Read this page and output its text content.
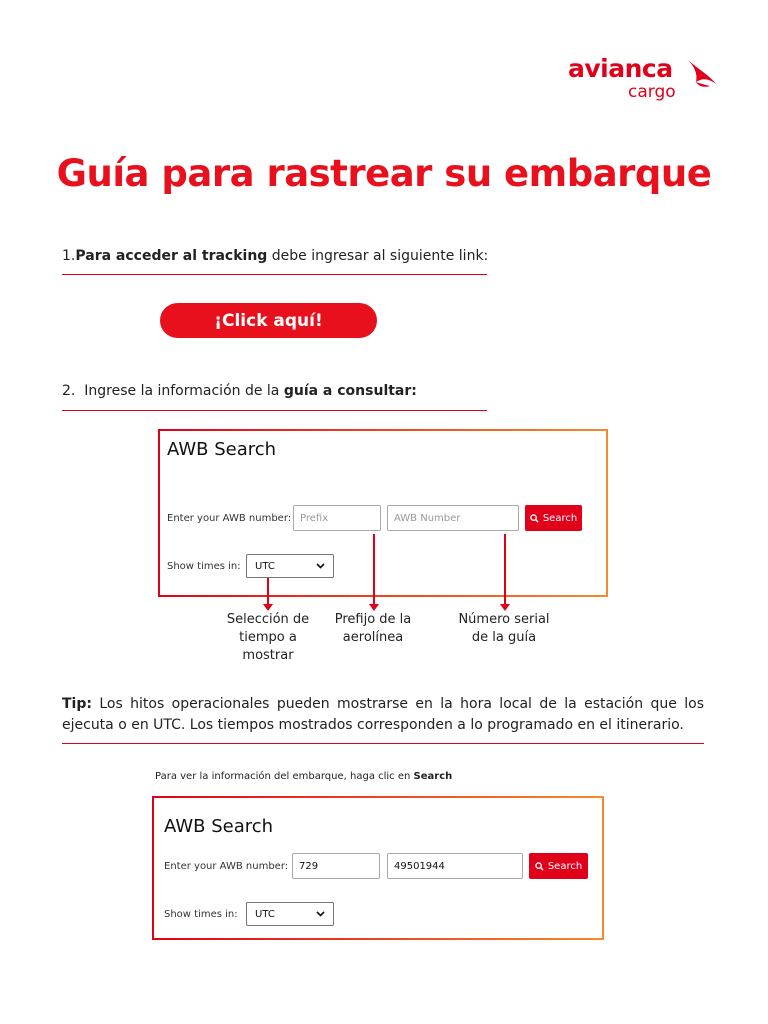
avianca
cargo
Guía para rastrear su embarque
1.Para acceder al tracking debe ingresar al siguiente link:
¡Click aquí!
2. Ingrese la información de la guía a consultar:
AWB Search
Enter your AWB number: Prefix	AWB Number	Search
Show times in: UTC
Selección de
tiempo a
mostrar
Prefijo de la
aerolínea
Número serial
de la guía
Tip: Los hitos operacionales pueden mostrarse en la hora local de la estación que los ejecuta o en UTC. Los tiempos mostrados corresponden a lo programado en el itinerario.
Para ver la información del embarque, haga clic en Search
AWB Search
Enter your AWB number:	729	49501944	Search
Show times in: UTC
